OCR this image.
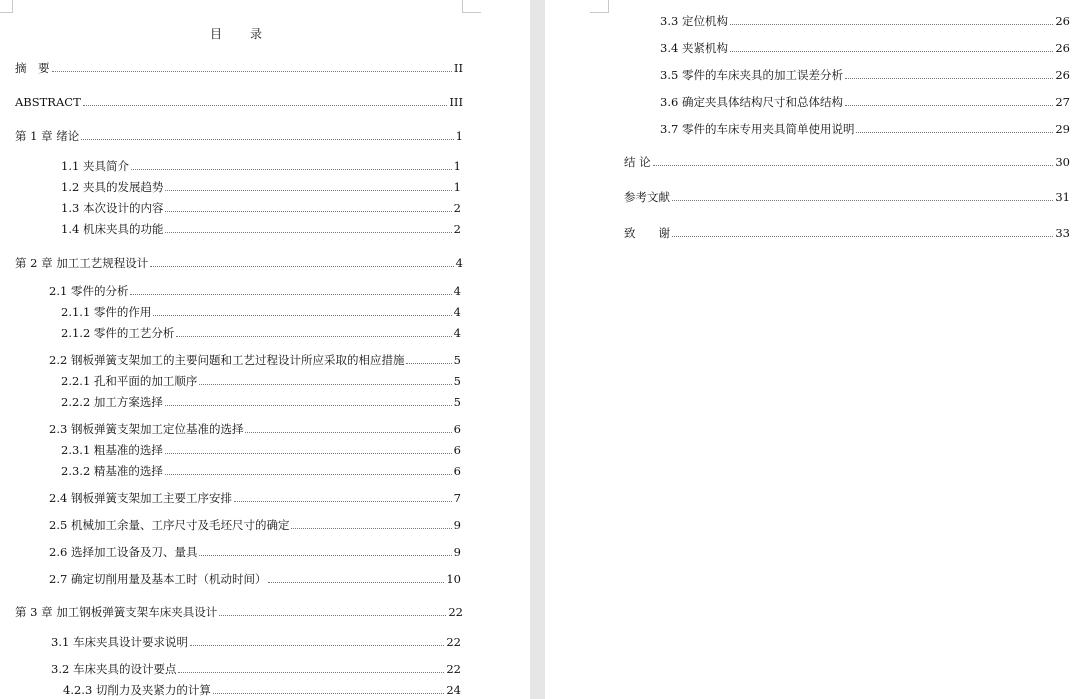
目　录
摘　要	II
ABSTRACT	III
第 1 章 绪论	1
1.1 夹具简介	1
1.2 夹具的发展趋势	1
1.3 本次设计的内容	2
1.4 机床夹具的功能	2
第 2 章 加工工艺规程设计	4
2.1 零件的分析	4
2.1.1 零件的作用	4
2.1.2 零件的工艺分析	4
2.2 钢板弹簧支架加工的主要问题和工艺过程设计所应采取的相应措施	5
2.2.1 孔和平面的加工顺序	5
2.2.2 加工方案选择	5
2.3 钢板弹簧支架加工定位基准的选择	6
2.3.1 粗基准的选择	6
2.3.2 精基准的选择	6
2.4 钢板弹簧支架加工主要工序安排	7
2.5 机械加工余量、工序尺寸及毛坯尺寸的确定	9
2.6 选择加工设备及刀、量具	9
2.7 确定切削用量及基本工时（机动时间）	10
第 3 章 加工钢板弹簧支架车床夹具设计	22
3.1 车床夹具设计要求说明	22
3.2 车床夹具的设计要点	22
4.2.3 切削力及夹紧力的计算	24
3.3 定位机构	26
3.4 夹紧机构	26
3.5 零件的车床夹具的加工误差分析	26
3.6 确定夹具体结构尺寸和总体结构	27
3.7 零件的车床专用夹具简单使用说明	29
结 论	30
参考文献	31
致　　谢	33
